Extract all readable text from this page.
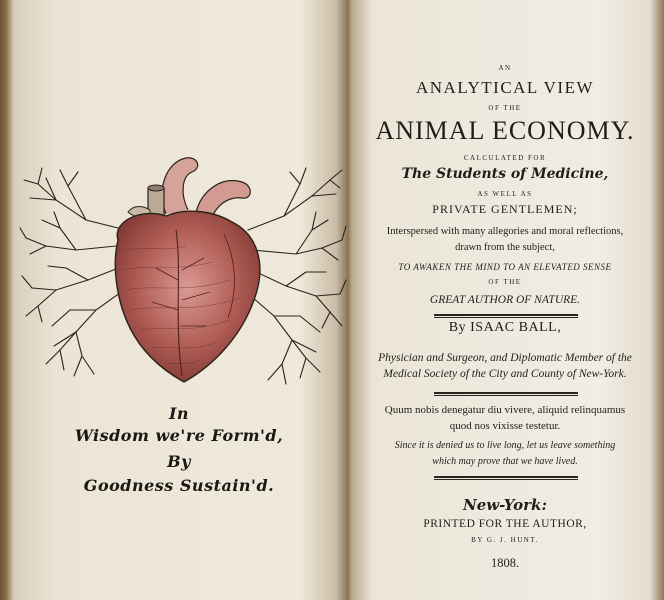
In
Wisdom we're Form'd,
By
Goodness Sustain'd.
AN
ANALYTICAL VIEW
OF THE
ANIMAL ECONOMY.
CALCULATED FOR
The Students of Medicine,
AS WELL AS
PRIVATE GENTLEMEN;
Interspersed with many allegories and moral reflections,
drawn from the subject,
TO AWAKEN THE MIND TO AN ELEVATED SENSE
OF THE
GREAT AUTHOR OF NATURE.
By ISAAC BALL,
Physician and Surgeon, and Diplomatic Member of the
Medical Society of the City and County of New-York.
Quum nobis denegatur diu vivere, aliquid relinquamus
quod nos vixisse testetur.
Since it is denied us to live long, let us leave something
which may prove that we have lived.
New-York:
PRINTED FOR THE AUTHOR,
BY G. J. HUNT.
1808.
